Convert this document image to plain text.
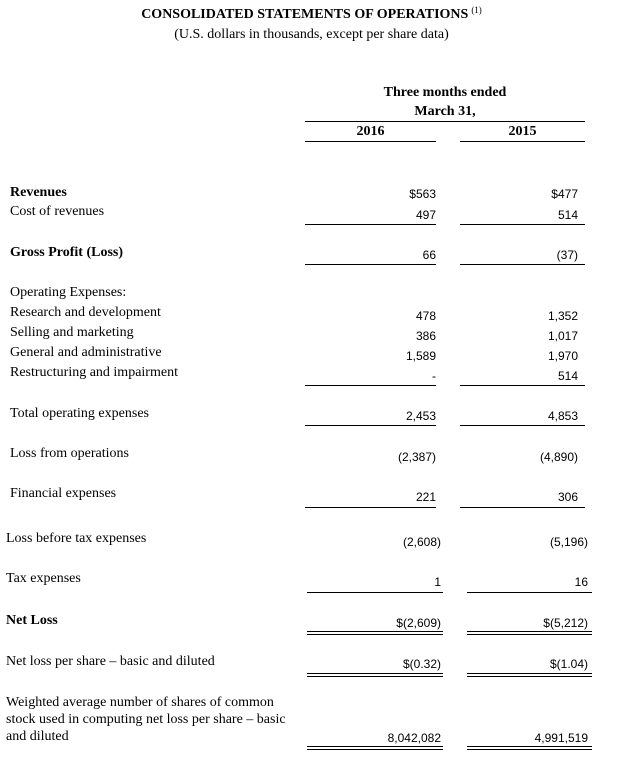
CONSOLIDATED STATEMENTS OF OPERATIONS $^{(1)}$
(U.S. dollars in thousands, except per share data)
Three months ended
March 31,
2016	2015
Revenues	$563	$477
Cost of revenues	497	514
Gross Profit (Loss)	66	(37)
Operating Expenses:
Research and development	478	1,352
Selling and marketing	386	1,017
General and administrative	1,589	1,970
Restructuring and impairment	-	514
Total operating expenses	2,453	4,853
Loss from operations	(2,387)	(4,890)
Financial expenses	221	306
Loss before tax expenses	(2,608)	(5,196)
Tax expenses	1	16
Net Loss	$(2,609)	$(5,212)
Net loss per share – basic and diluted	$(0.32)	$(1.04)
Weighted average number of shares of common stock used in computing net loss per share – basic and diluted	8,042,082	4,991,519
